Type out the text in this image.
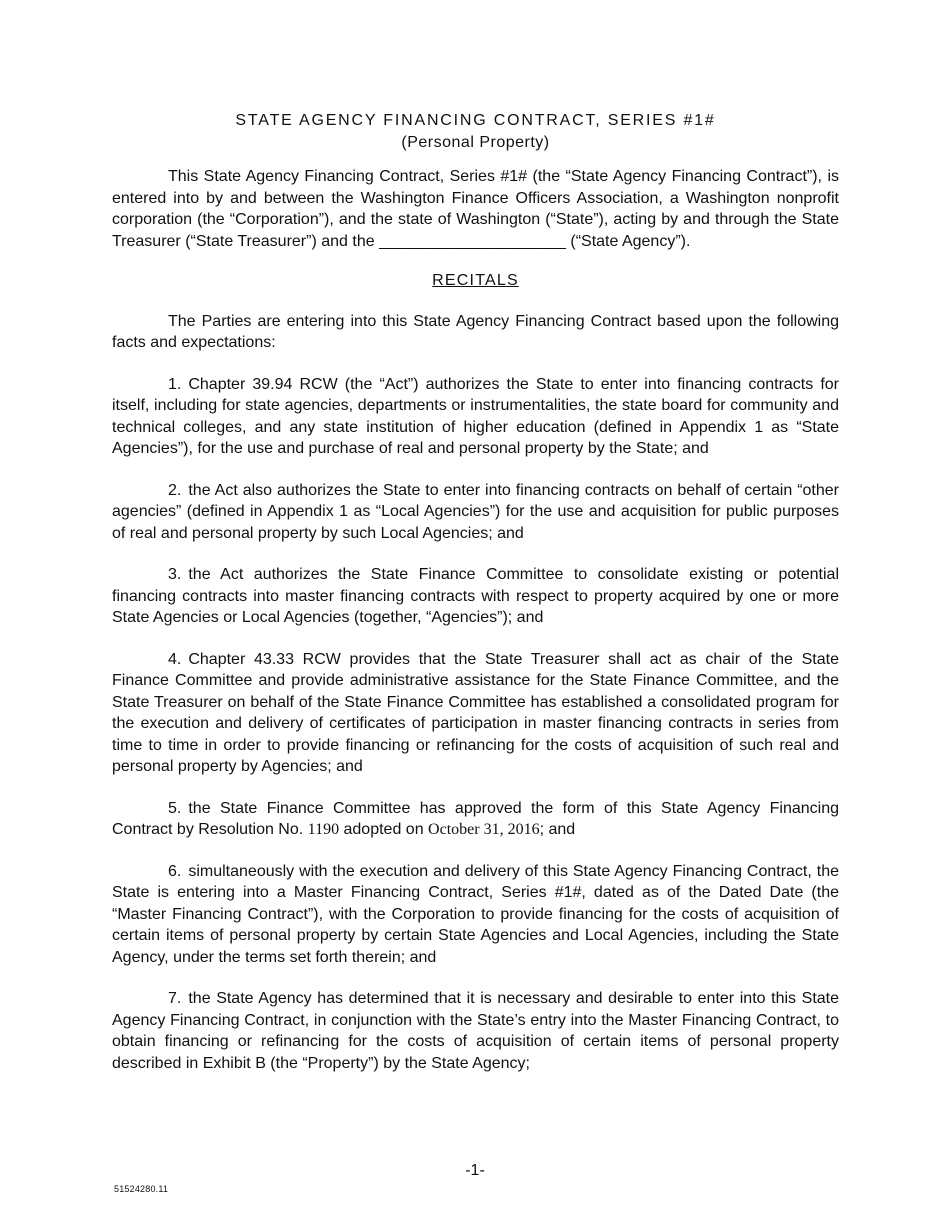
STATE AGENCY FINANCING CONTRACT, SERIES #1#
(Personal Property)

This State Agency Financing Contract, Series #1# (the “State Agency Financing Contract”), is entered into by and between the Washington Finance Officers Association, a Washington nonprofit corporation (the “Corporation”), and the state of Washington (“State”), acting by and through the State Treasurer (“State Treasurer”) and the _____________________ (“State Agency”).

RECITALS

The Parties are entering into this State Agency Financing Contract based upon the following facts and expectations:

1. Chapter 39.94 RCW (the “Act”) authorizes the State to enter into financing contracts for itself, including for state agencies, departments or instrumentalities, the state board for community and technical colleges, and any state institution of higher education (defined in Appendix 1 as “State Agencies”), for the use and purchase of real and personal property by the State; and

2. the Act also authorizes the State to enter into financing contracts on behalf of certain “other agencies” (defined in Appendix 1 as “Local Agencies”) for the use and acquisition for public purposes of real and personal property by such Local Agencies; and

3. the Act authorizes the State Finance Committee to consolidate existing or potential financing contracts into master financing contracts with respect to property acquired by one or more State Agencies or Local Agencies (together, “Agencies”); and

4. Chapter 43.33 RCW provides that the State Treasurer shall act as chair of the State Finance Committee and provide administrative assistance for the State Finance Committee, and the State Treasurer on behalf of the State Finance Committee has established a consolidated program for the execution and delivery of certificates of participation in master financing contracts in series from time to time in order to provide financing or refinancing for the costs of acquisition of such real and personal property by Agencies; and

5. the State Finance Committee has approved the form of this State Agency Financing Contract by Resolution No. 1190 adopted on October 31, 2016; and

6. simultaneously with the execution and delivery of this State Agency Financing Contract, the State is entering into a Master Financing Contract, Series #1#, dated as of the Dated Date (the “Master Financing Contract”), with the Corporation to provide financing for the costs of acquisition of certain items of personal property by certain State Agencies and Local Agencies, including the State Agency, under the terms set forth therein; and

7. the State Agency has determined that it is necessary and desirable to enter into this State Agency Financing Contract, in conjunction with the State’s entry into the Master Financing Contract, to obtain financing or refinancing for the costs of acquisition of certain items of personal property described in Exhibit B (the “Property”) by the State Agency;

-1-
51524280.11
